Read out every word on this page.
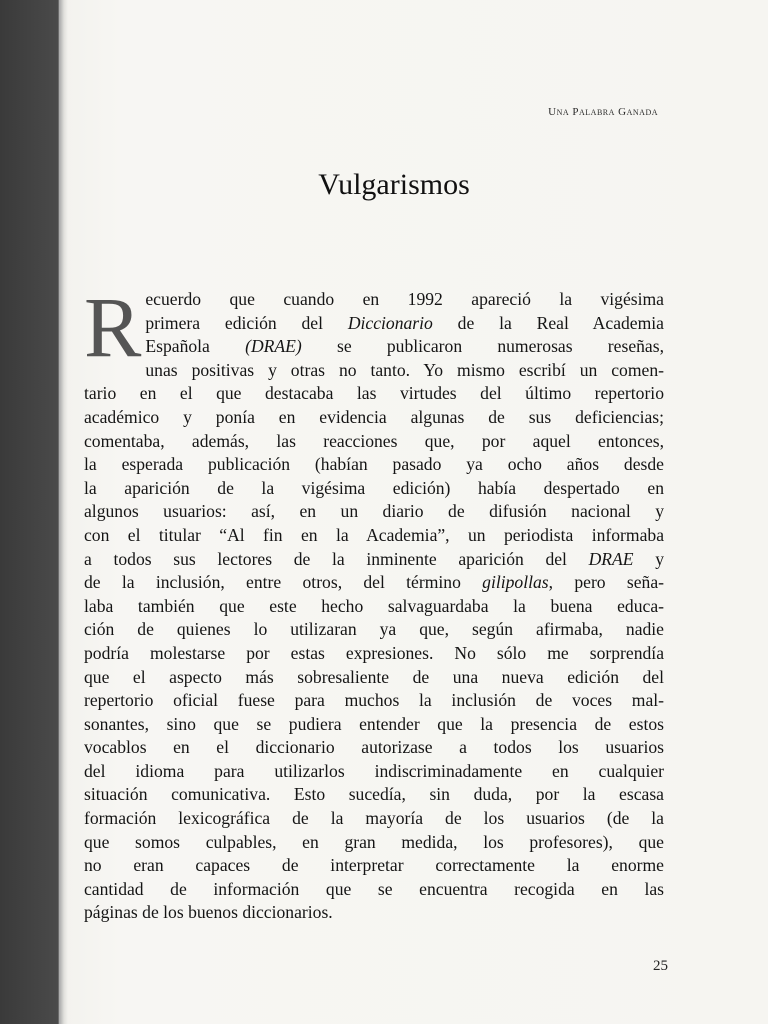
Una Palabra Ganada
Vulgarismos
R ecuerdo que cuando en 1992 apareció la vigésima
primera edición del Diccionario de la Real Academia
Española (DRAE) se publicaron numerosas reseñas,
unas positivas y otras no tanto. Yo mismo escribí un comen-
tario en el que destacaba las virtudes del último repertorio
académico y ponía en evidencia algunas de sus deficiencias;
comentaba, además, las reacciones que, por aquel entonces,
la esperada publicación (habían pasado ya ocho años desde
la aparición de la vigésima edición) había despertado en
algunos usuarios: así, en un diario de difusión nacional y
con el titular “Al fin en la Academia”, un periodista informaba
a todos sus lectores de la inminente aparición del DRAE y
de la inclusión, entre otros, del término gilipollas, pero seña-
laba también que este hecho salvaguardaba la buena educa-
ción de quienes lo utilizaran ya que, según afirmaba, nadie
podría molestarse por estas expresiones. No sólo me sorprendía
que el aspecto más sobresaliente de una nueva edición del
repertorio oficial fuese para muchos la inclusión de voces mal-
sonantes, sino que se pudiera entender que la presencia de estos
vocablos en el diccionario autorizase a todos los usuarios
del idioma para utilizarlos indiscriminadamente en cualquier
situación comunicativa. Esto sucedía, sin duda, por la escasa
formación lexicográfica de la mayoría de los usuarios (de la
que somos culpables, en gran medida, los profesores), que
no eran capaces de interpretar correctamente la enorme
cantidad de información que se encuentra recogida en las
páginas de los buenos diccionarios.
25
